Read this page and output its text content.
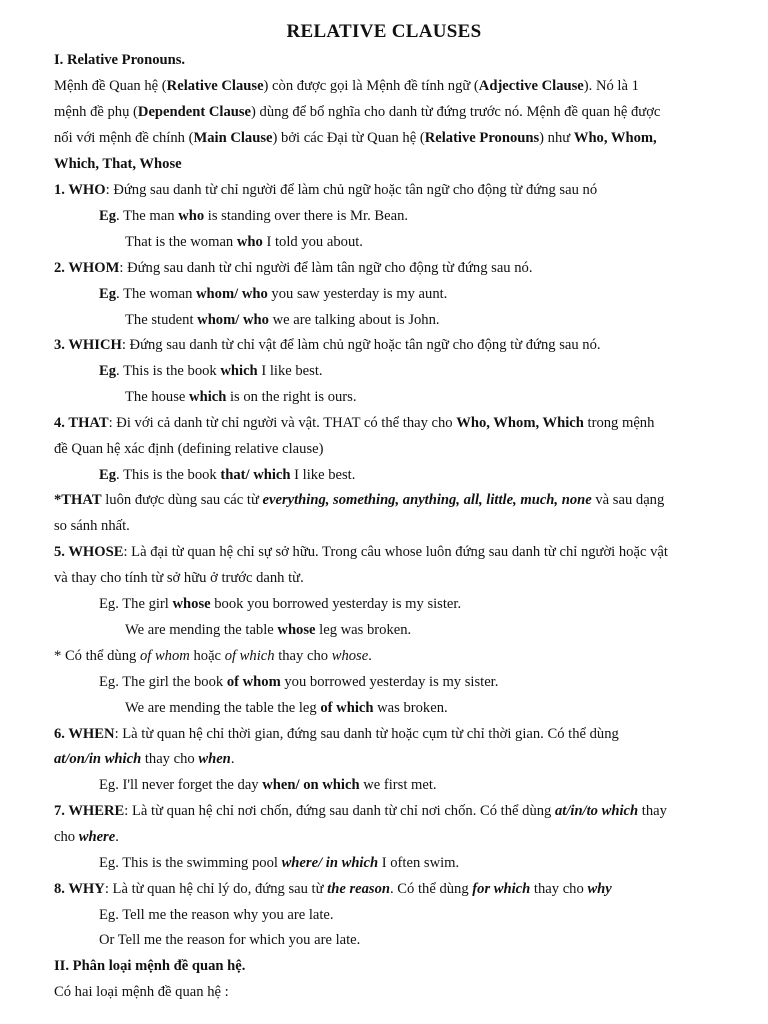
RELATIVE CLAUSES
I. Relative Pronouns.
Mệnh đề Quan hệ (Relative Clause) còn được gọi là Mệnh đề tính ngữ (Adjective Clause). Nó là 1
mệnh đề phụ (Dependent Clause) dùng để bổ nghĩa cho danh từ đứng trước nó. Mệnh đề quan hệ được
nối với mệnh đề chính (Main Clause) bởi các Đại từ Quan hệ (Relative Pronouns) như Who, Whom,
Which, That, Whose
1. WHO: Đứng sau danh từ chỉ người để làm chủ ngữ hoặc tân ngữ cho động từ đứng sau nó
Eg. The man who is standing over there is Mr. Bean.
That is the woman who I told you about.
2. WHOM: Đứng sau danh từ chỉ người để làm tân ngữ cho động từ đứng sau nó.
Eg. The woman whom/ who you saw yesterday is my aunt.
The student whom/ who we are talking about is John.
3. WHICH: Đứng sau danh từ chỉ vật để làm chủ ngữ hoặc tân ngữ cho động từ đứng sau nó.
Eg. This is the book which I like best.
The house which is on the right is ours.
4. THAT: Đi với cả danh từ chỉ người và vật. THAT có thể thay cho Who, Whom, Which trong mệnh
đề Quan hệ xác định (defining relative clause)
Eg. This is the book that/ which I like best.
*THAT luôn được dùng sau các từ everything, something, anything, all, little, much, none và sau dạng
so sánh nhất.
5. WHOSE: Là đại từ quan hệ chỉ sự sở hữu. Trong câu whose luôn đứng sau danh từ chỉ người hoặc vật
và thay cho tính từ sở hữu ở trước danh từ.
Eg. The girl whose book you borrowed yesterday is my sister.
We are mending the table whose leg was broken.
* Có thể dùng of whom hoặc of which thay cho whose.
Eg. The girl the book of whom you borrowed yesterday is my sister.
We are mending the table the leg of which was broken.
6. WHEN: Là từ quan hệ chỉ thời gian, đứng sau danh từ hoặc cụm từ chỉ thời gian. Có thể dùng
at/on/in which thay cho when.
Eg. I'll never forget the day when/ on which we first met.
7. WHERE: Là từ quan hệ chỉ nơi chốn, đứng sau danh từ chỉ nơi chốn. Có thể dùng at/in/to which thay
cho where.
Eg. This is the swimming pool where/ in which I often swim.
8. WHY: Là từ quan hệ chỉ lý do, đứng sau từ the reason. Có thể dùng for which thay cho why
Eg. Tell me the reason why you are late.
Or Tell me the reason for which you are late.
II. Phân loại mệnh đề quan hệ.
Có hai loại mệnh đề quan hệ :
